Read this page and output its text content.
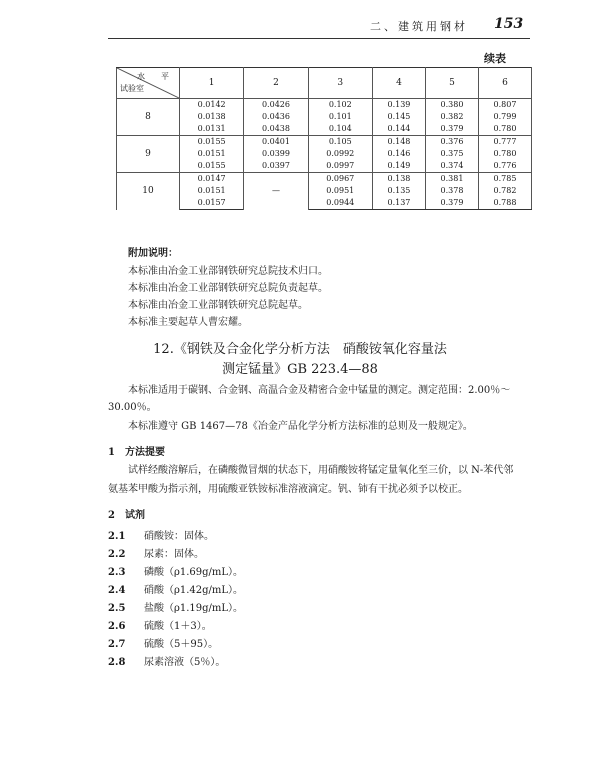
二、建筑用钢材 153
续表
水　平
试验室	1	2	3	4	5	6
8	0.0142	0.0426	0.102	0.139	0.380	0.807
	0.0138	0.0436	0.101	0.145	0.382	0.799
	0.0131	0.0438	0.104	0.144	0.379	0.780
9	0.0155	0.0401	0.105	0.148	0.376	0.777
	0.0151	0.0399	0.0992	0.146	0.375	0.780
	0.0155	0.0397	0.0997	0.149	0.374	0.776
10	0.0147	—	0.0967	0.138	0.381	0.785
	0.0151		0.0951	0.135	0.378	0.782
	0.0157		0.0944	0.137	0.379	0.788
附加说明：
本标准由冶金工业部钢铁研究总院技术归口。
本标准由冶金工业部钢铁研究总院负责起草。
本标准由冶金工业部钢铁研究总院起草。
本标准主要起草人曹宏耀。
12.《钢铁及合金化学分析方法　硝酸铵氧化容量法
测定锰量》GB 223.4—88
本标准适用于碳钢、合金钢、高温合金及精密合金中锰量的测定。测定范围：2.00％～
30.00％。
本标准遵守 GB 1467—78《冶金产品化学分析方法标准的总则及一般规定》。
1　方法提要
试样经酸溶解后，在磷酸微冒烟的状态下，用硝酸铵将锰定量氧化至三价，以 N-苯代邻
氨基苯甲酸为指示剂，用硫酸亚铁铵标准溶液滴定。钒、铈有干扰必须予以校正。
2　试剂
2.1 硝酸铵：固体。
2.2 尿素：固体。
2.3 磷酸（ρ1.69g/mL）。
2.4 硝酸（ρ1.42g/mL）。
2.5 盐酸（ρ1.19g/mL）。
2.6 硫酸（1＋3）。
2.7 硫酸（5＋95）。
2.8 尿素溶液（5％）。
